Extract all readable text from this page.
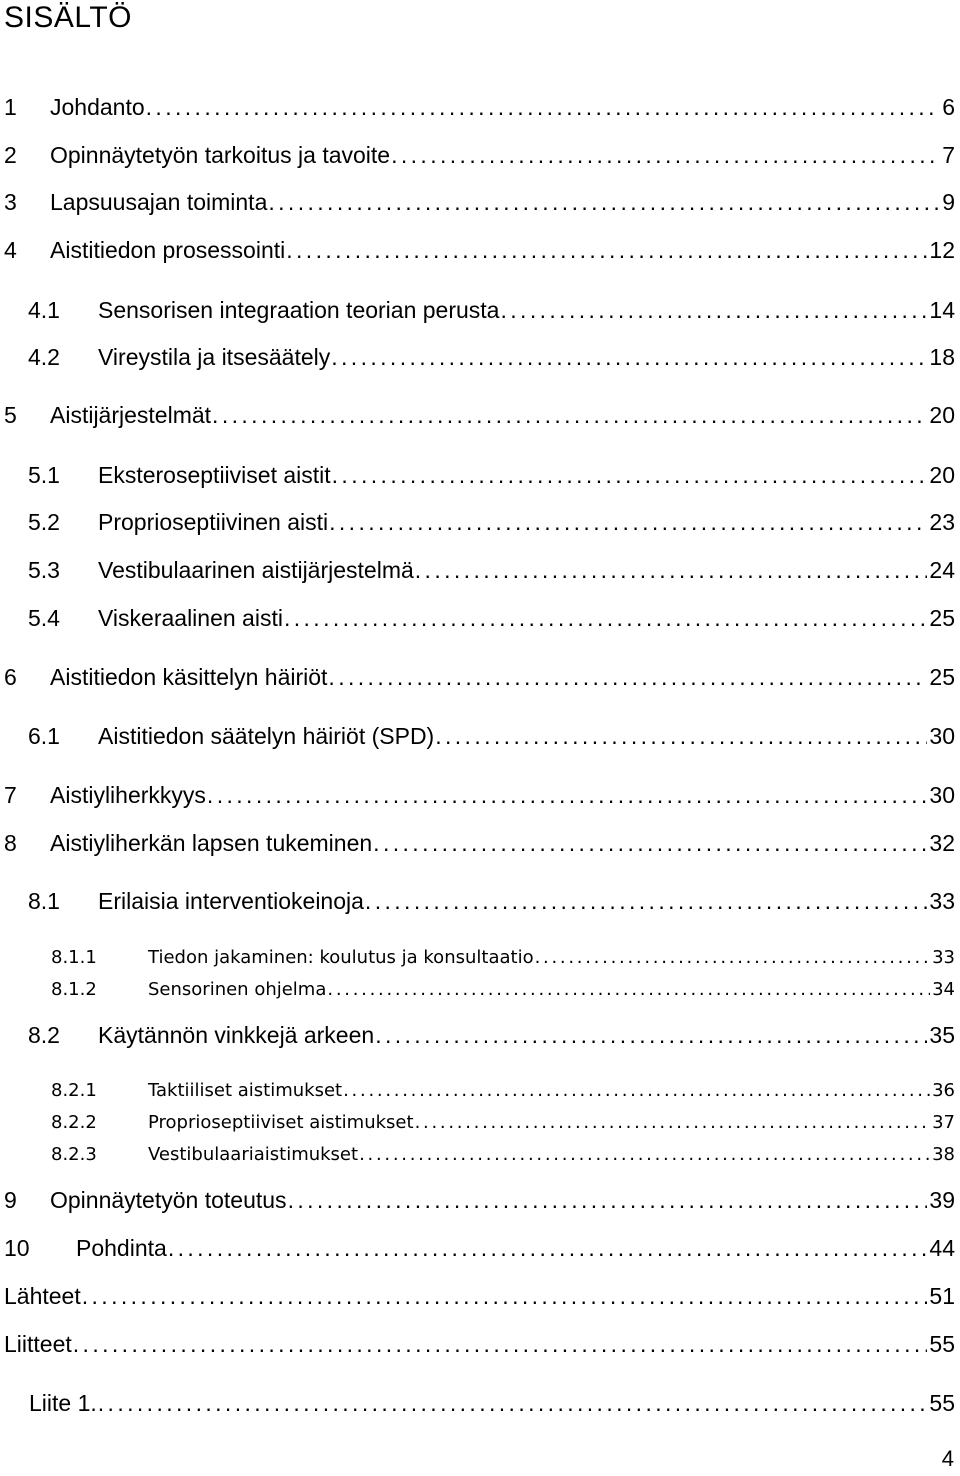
SISÄLTÖ
1	Johdanto . . .	6
2	Opinnäytetyön tarkoitus ja tavoite . . .	7
3	Lapsuusajan toiminta . . .	9
4	Aistitiedon prosessointi . . .	12
4.1	Sensorisen integraation teorian perusta . . .	14
4.2	Vireystila ja itsesäätely . . .	18
5	Aistijärjestelmät . . .	20
5.1	Eksteroseptiiviset aistit . . .	20
5.2	Proprioseptiivinen aisti . . .	23
5.3	Vestibulaarinen aistijärjestelmä . . .	24
5.4	Viskeraalinen aisti . . .	25
6	Aistitiedon käsittelyn häiriöt . . .	25
6.1	Aistitiedon säätelyn häiriöt (SPD) . . .	30
7	Aistiyliherkkyys . . .	30
8	Aistiyliherkän lapsen tukeminen . . .	32
8.1	Erilaisia interventiokeinoja . . .	33
8.1.1	Tiedon jakaminen: koulutus ja konsultaatio . . .	33
8.1.2	Sensorinen ohjelma . . .	34
8.2	Käytännön vinkkejä arkeen . . .	35
8.2.1	Taktiiliset aistimukset . . .	36
8.2.2	Proprioseptiiviset aistimukset . . .	37
8.2.3	Vestibulaariaistimukset . . .	38
9	Opinnäytetyön toteutus . . .	39
10	Pohdinta . . .	44
Lähteet . . .	51
Liitteet . . .	55
Liite 1. . . .	55
4
